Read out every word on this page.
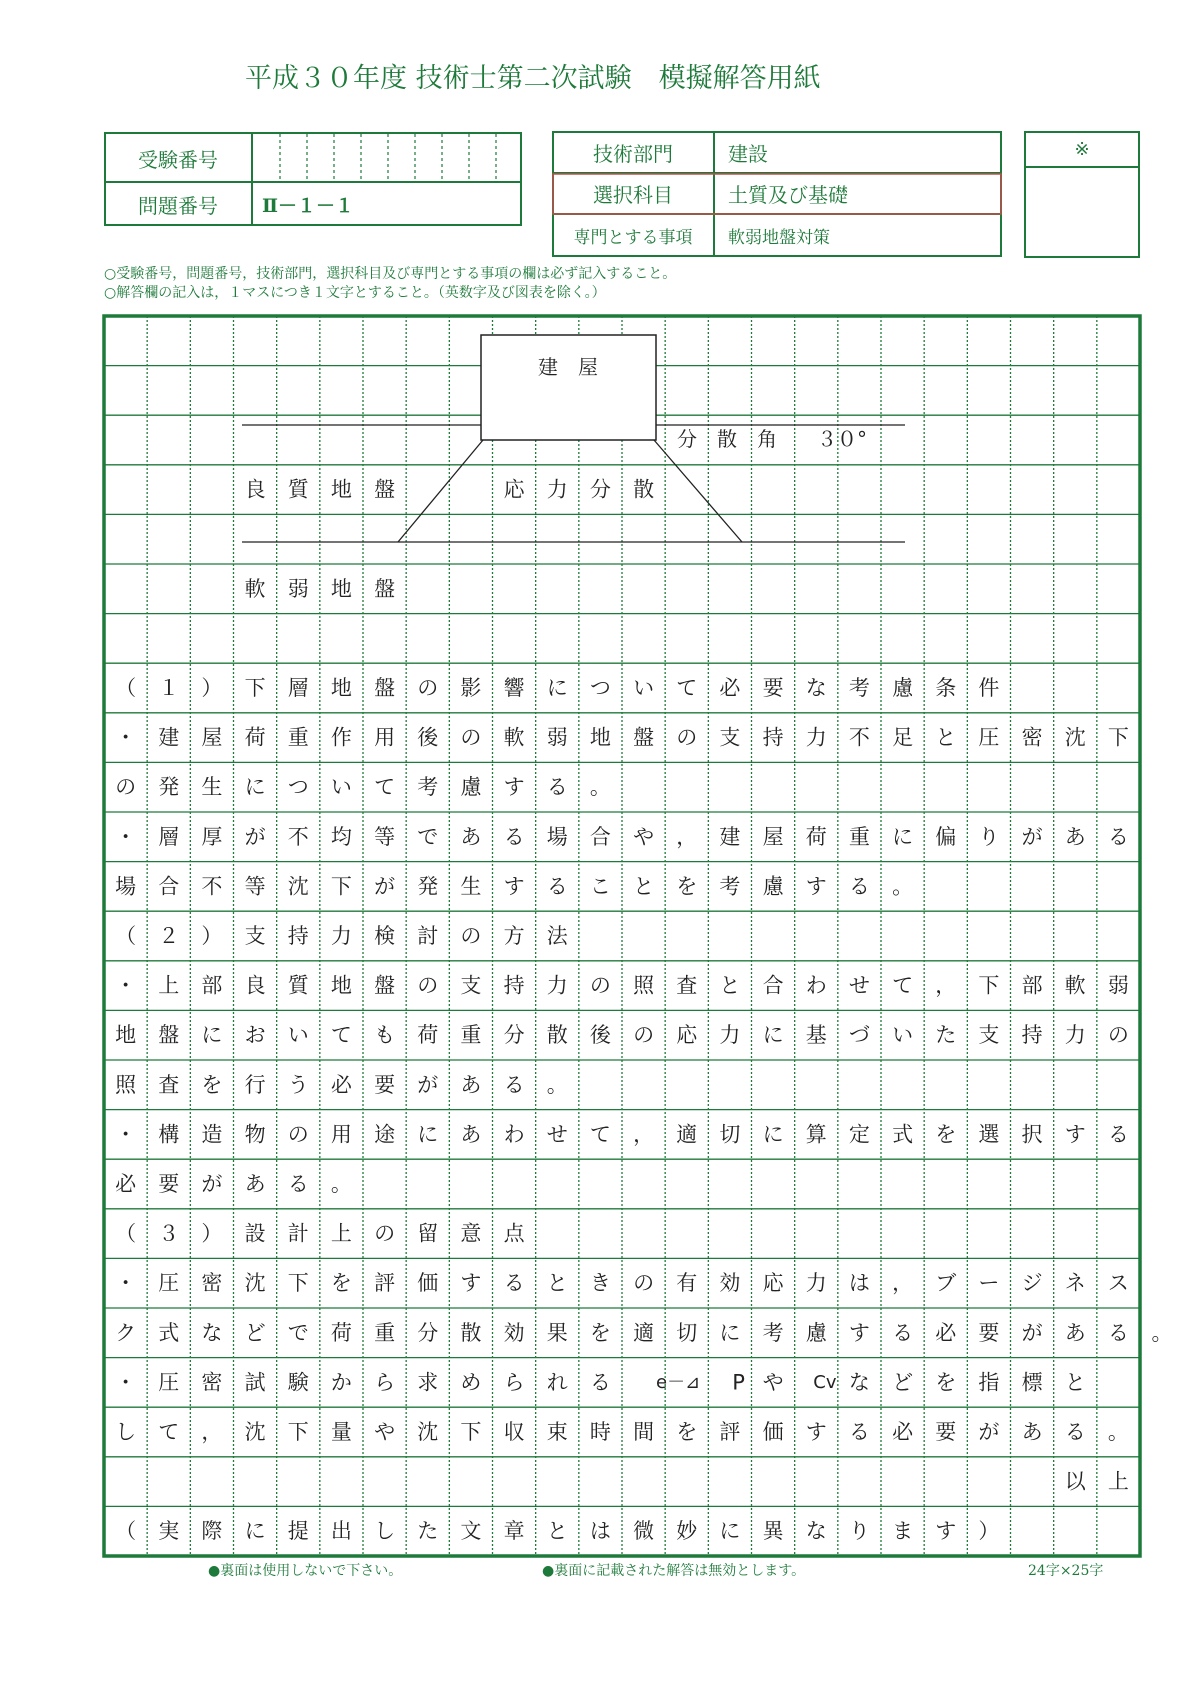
平成３０年度 技術士第二次試験　模擬解答用紙
受験番号
問題番号	Ⅱ－１－１
技術部門	建設
選択科目	土質及び基礎
専門とする事項	軟弱地盤対策
※
○受験番号，問題番号，技術部門，選択科目及び専門とする事項の欄は必ず記入すること。
○解答欄の記入は，１マスにつき１文字とすること。（英数字及び図表を除く。）
建　屋
分　散　角　　３０°
良 質 地 盤	応 力 分 散
軟 弱 地 盤
（ １ ） 下 層 地 盤 の 影 響 に つ い て 必 要 な 考 慮 条 件
・ 建 屋 荷 重 作 用 後 の 軟 弱 地 盤 の 支 持 力 不 足 と 圧 密 沈 下
の 発 生 に つ い て 考 慮 す る 。
・ 層 厚 が 不 均 等 で あ る 場 合 や ， 建 屋 荷 重 に 偏 り が あ る
場 合 不 等 沈 下 が 発 生 す る こ と を 考 慮 す る 。
（ ２ ） 支 持 力 検 討 の 方 法
・ 上 部 良 質 地 盤 の 支 持 力 の 照 査 と 合 わ せ て ， 下 部 軟 弱
地 盤 に お い て も 荷 重 分 散 後 の 応 力 に 基 づ い た 支 持 力 の
照 査 を 行 う 必 要 が あ る 。
・ 構 造 物 の 用 途 に あ わ せ て ， 適 切 に 算 定 式 を 選 択 す る
必 要 が あ る 。
（ ３ ） 設 計 上 の 留 意 点
・ 圧 密 沈 下 を 評 価 す る と き の 有 効 応 力 は ， ブ ー ジ ネ ス
ク 式 な ど で 荷 重 分 散 効 果 を 適 切 に 考 慮 す る 必 要 が あ る 。
・ 圧 密 試 験 か ら 求 め ら れ る	e－⊿ P や Cv な ど を 指 標 と
し て ， 沈 下 量 や 沈 下 収 束 時 間 を 評 価 す る 必 要 が あ る 。
以 上
（ 実 際 に 提 出 し た 文 章 と は 微 妙 に 異 な り ま す ）
●裏面は使用しないで下さい。	●裏面に記載された解答は無効とします。	24字×25字
